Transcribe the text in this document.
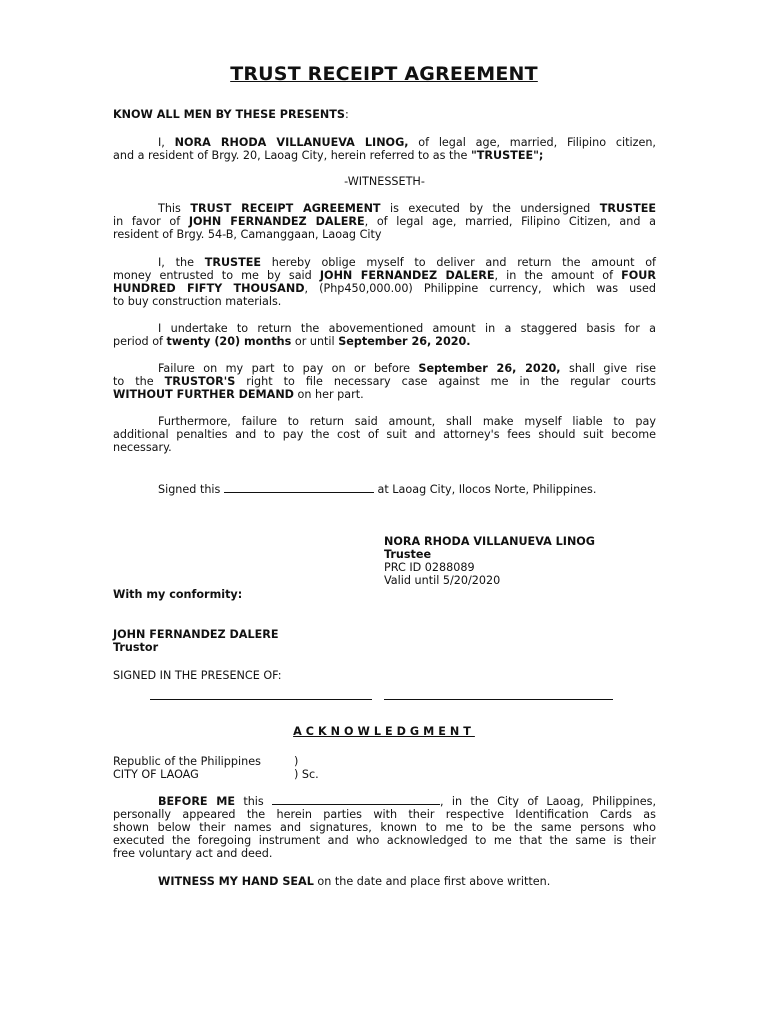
TRUST RECEIPT AGREEMENT
KNOW ALL MEN BY THESE PRESENTS:
I, NORA RHODA VILLANUEVA LINOG, of legal age, married, Filipino citizen,
and a resident of Brgy. 20, Laoag City, herein referred to as the "TRUSTEE";
-WITNESSETH-
This TRUST RECEIPT AGREEMENT is executed by the undersigned TRUSTEE
in favor of JOHN FERNANDEZ DALERE, of legal age, married, Filipino Citizen, and a
resident of Brgy. 54-B, Camanggaan, Laoag City
I, the TRUSTEE hereby oblige myself to deliver and return the amount of
money entrusted to me by said JOHN FERNANDEZ DALERE, in the amount of FOUR
HUNDRED FIFTY THOUSAND, (Php450,000.00) Philippine currency, which was used
to buy construction materials.
I undertake to return the abovementioned amount in a staggered basis for a
period of twenty (20) months or until September 26, 2020.
Failure on my part to pay on or before September 26, 2020, shall give rise
to the TRUSTOR'S right to file necessary case against me in the regular courts
WITHOUT FURTHER DEMAND on her part.
Furthermore, failure to return said amount, shall make myself liable to pay
additional penalties and to pay the cost of suit and attorney's fees should suit become
necessary.
Signed this	at Laoag City, Ilocos Norte, Philippines.
NORA RHODA VILLANUEVA LINOG
Trustee
PRC ID 0288089
Valid until 5/20/2020
With my conformity:
JOHN FERNANDEZ DALERE
Trustor
SIGNED IN THE PRESENCE OF:
ACKNOWLEDGMENT
Republic of the Philippines	)
CITY OF LAOAG	) Sc.
BEFORE ME this	, in the City of Laoag, Philippines,
personally appeared the herein parties with their respective Identification Cards as
shown below their names and signatures, known to me to be the same persons who
executed the foregoing instrument and who acknowledged to me that the same is their
free voluntary act and deed.
WITNESS MY HAND SEAL on the date and place first above written.
